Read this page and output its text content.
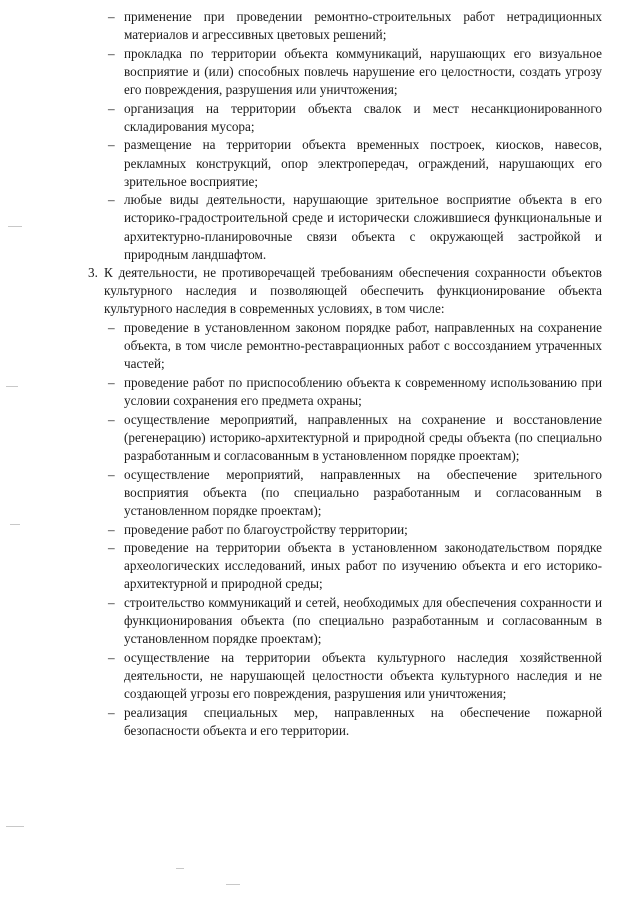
– применение при проведении ремонтно-строительных работ нетрадиционных материалов и агрессивных цветовых решений;
– прокладка по территории объекта коммуникаций, нарушающих его визуальное восприятие и (или) способных повлечь нарушение его целостности, создать угрозу его повреждения, разрушения или уничтожения;
– организация на территории объекта свалок и мест несанкционированного складирования мусора;
– размещение на территории объекта временных построек, киосков, навесов, рекламных конструкций, опор электропередач, ограждений, нарушающих его зрительное восприятие;
– любые виды деятельности, нарушающие зрительное восприятие объекта в его историко-градостроительной среде и исторически сложившиеся функциональные и архитектурно-планировочные связи объекта с окружающей застройкой и природным ландшафтом.
3. К деятельности, не противоречащей требованиям обеспечения сохранности объектов культурного наследия и позволяющей обеспечить функционирование объекта культурного наследия в современных условиях, в том числе:
– проведение в установленном законом порядке работ, направленных на сохранение объекта, в том числе ремонтно-реставрационных работ с воссозданием утраченных частей;
– проведение работ по приспособлению объекта к современному использованию при условии сохранения его предмета охраны;
– осуществление мероприятий, направленных на сохранение и восстановление (регенерацию) историко-архитектурной и природной среды объекта (по специально разработанным и согласованным в установленном порядке проектам);
– осуществление мероприятий, направленных на обеспечение зрительного восприятия объекта (по специально разработанным и согласованным в установленном порядке проектам);
– проведение работ по благоустройству территории;
– проведение на территории объекта в установленном законодательством порядке археологических исследований, иных работ по изучению объекта и его историко-архитектурной и природной среды;
– строительство коммуникаций и сетей, необходимых для обеспечения сохранности и функционирования объекта (по специально разработанным и согласованным в установленном порядке проектам);
– осуществление на территории объекта культурного наследия хозяйственной деятельности, не нарушающей целостности объекта культурного наследия и не создающей угрозы его повреждения, разрушения или уничтожения;
– реализация специальных мер, направленных на обеспечение пожарной безопасности объекта и его территории.
